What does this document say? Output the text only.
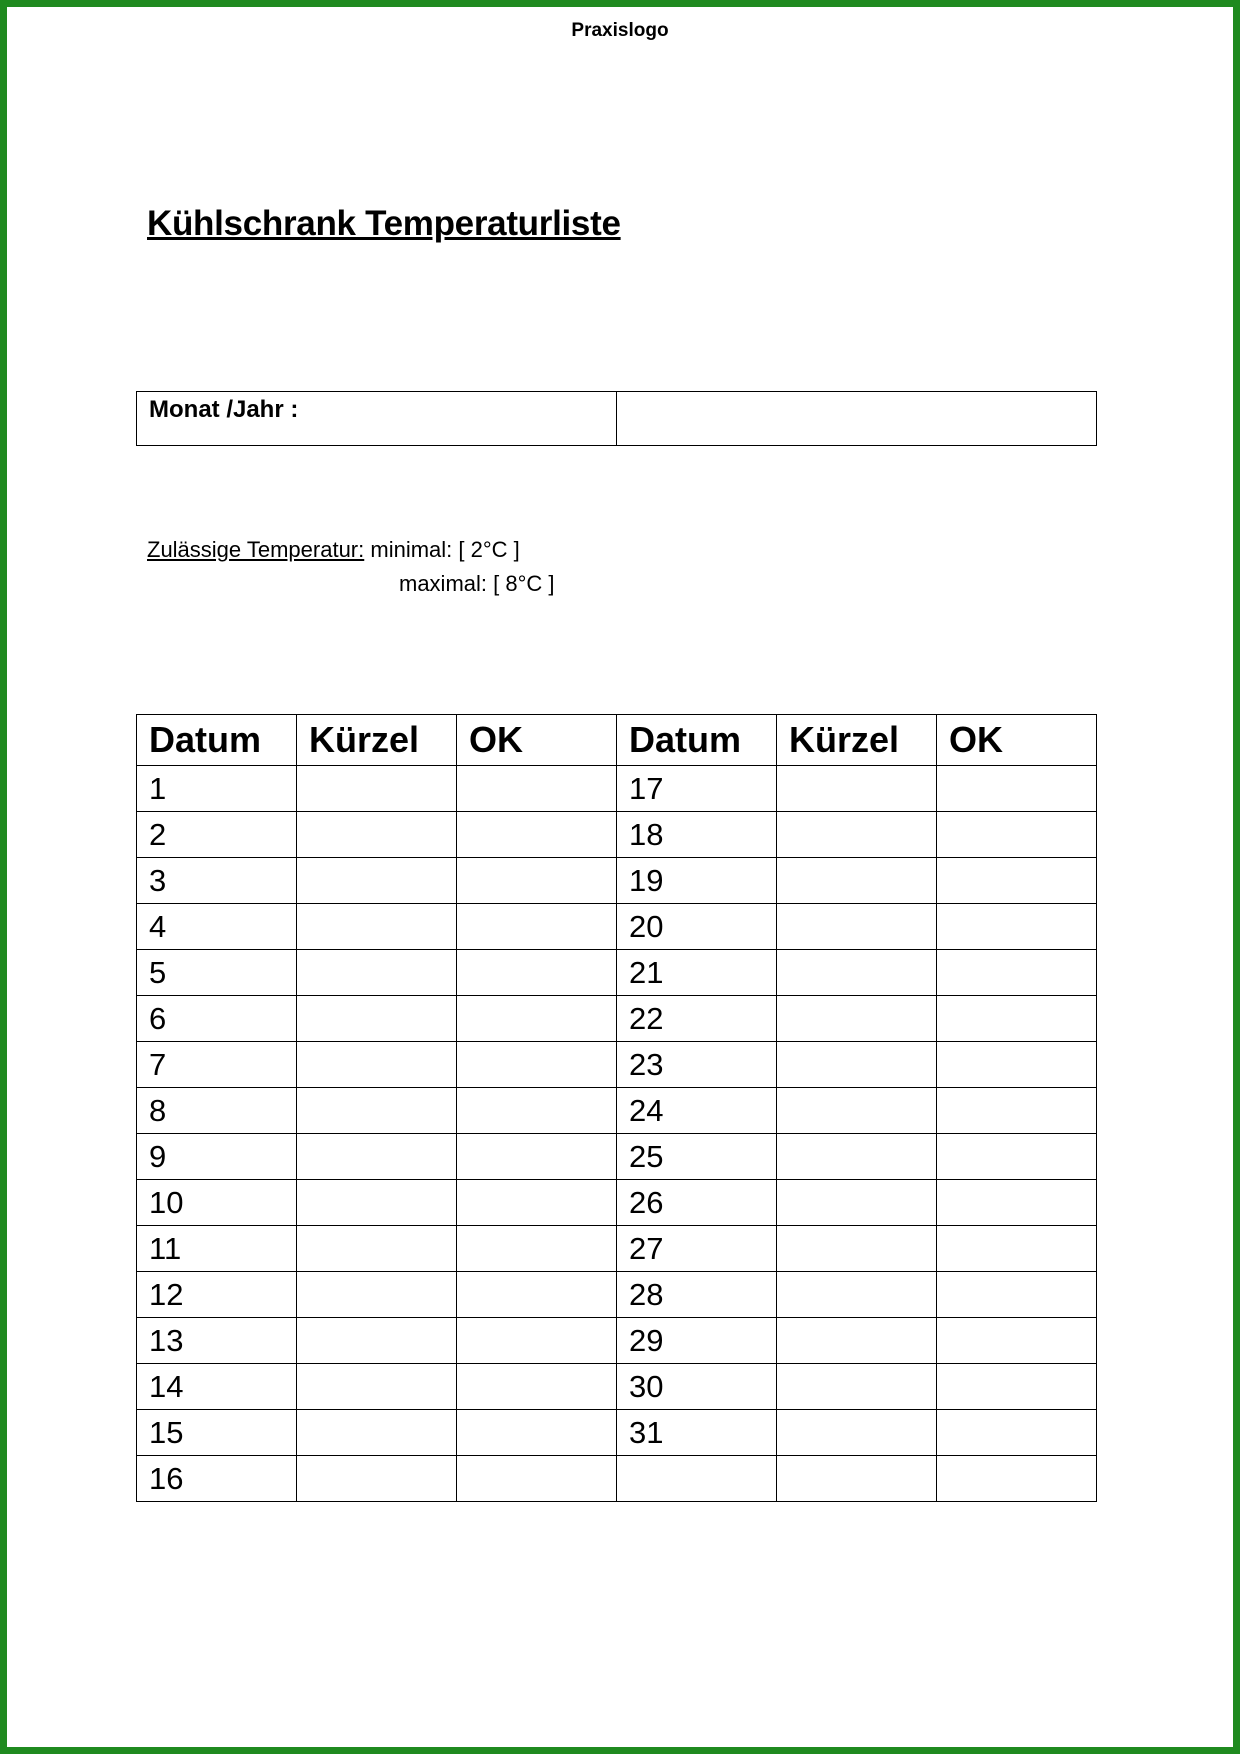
Praxislogo
Kühlschrank Temperaturliste
Monat /Jahr :	
Zulässige Temperatur: minimal: [ 2°C ]
maximal: [ 8°C ]
Datum	Kürzel	OK	Datum	Kürzel	OK
1			17		
2			18		
3			19		
4			20		
5			21		
6			22		
7			23		
8			24		
9			25		
10			26		
11			27		
12			28		
13			29		
14			30		
15			31		
16					
